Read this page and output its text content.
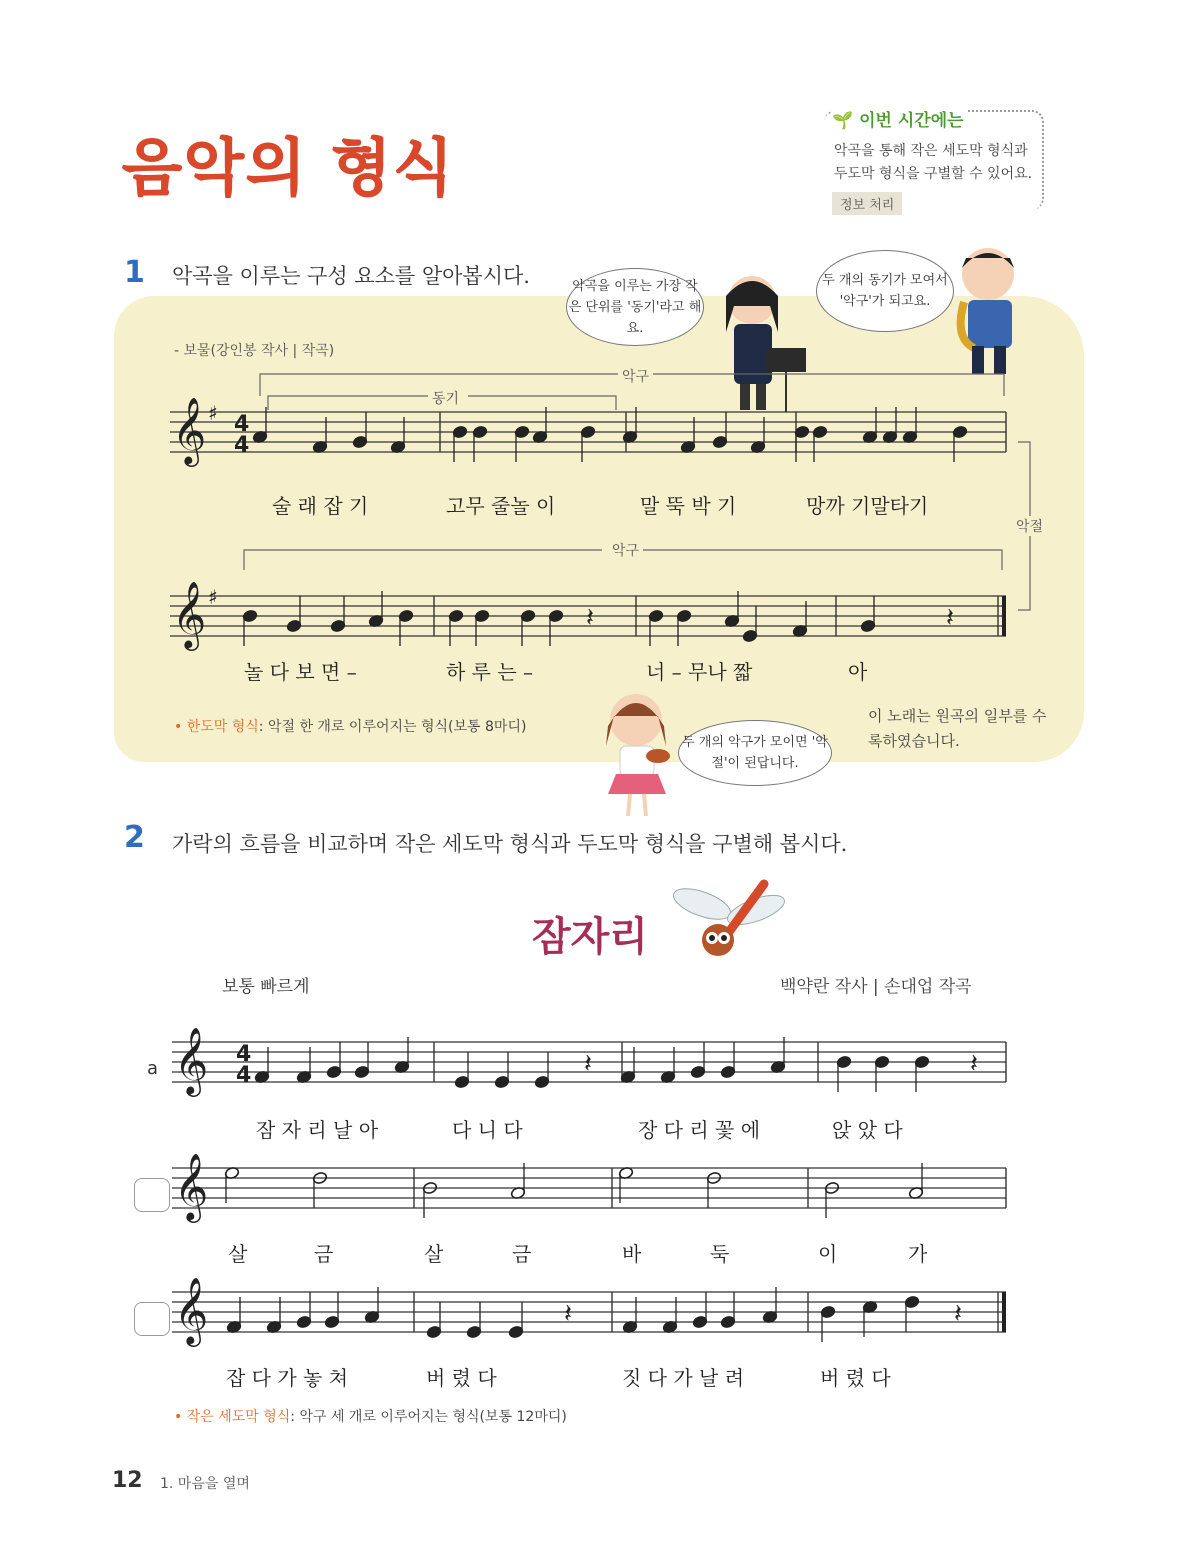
음악의 형식
🌱 이번 시간에는
악곡을 통해 작은 세도막 형식과 두도막 형식을 구별할 수 있어요.
정보 처리
1 악곡을 이루는 구성 요소를 알아봅시다.
- 보물(강인봉 작사 | 작곡)
악곡을 이루는 가장 작은 단위를 '동기'라고 해요.
두 개의 동기가 모여서 '악구'가 되고요.
두 개의 악구가 모이면 '악절'이 된답니다.
𝄞 ♯ 4
4
술 래 잡 기	고무 줄놀 이	말 뚝 박 기	망까 기말타기
𝄞 ♯
𝄽	𝄽
놀 다 보 면 –	하 루 는 –	너 – 무나 짧	아
악구
동기
악구
악절
• 한도막 형식: 악절 한 개로 이루어지는 형식(보통 8마디)
이 노래는 원곡의 일부를 수록하였습니다.
2 가락의 흐름을 비교하며 작은 세도막 형식과 두도막 형식을 구별해 봅시다.
잠자리
보통 빠르게	백약란 작사 | 손대업 작곡
a 𝄞 4
4	𝄽	𝄽
잠 자 리 날 아	다 니 다	장 다 리 꽃 에	앉 았 다
𝄞
살	금	살	금	바	둑	이	가
𝄞	𝄽	𝄽
잡 다 가 놓 쳐	버 렸 다	짓 다 가 날 려	버 렸 다
• 작은 세도막 형식: 악구 세 개로 이루어지는 형식(보통 12마디)
12 1. 마음을 열며
